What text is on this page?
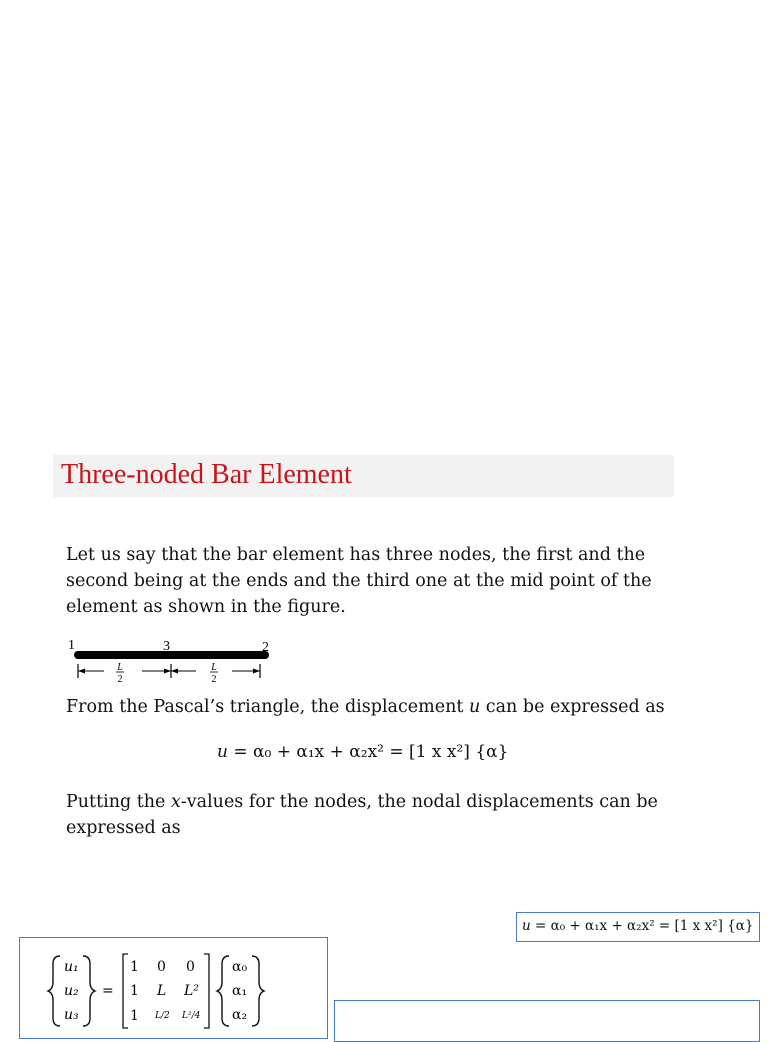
Three-noded Bar Element

Let us say that the bar element has three nodes, the first and the second being at the ends and the third one at the mid point of the element as shown in the figure.

1	3	2
L
2
L
2

From the Pascal’s triangle, the displacement u can be expressed as

u = α₀ + α₁x + α₂x² = [1 x x²] {α}

Putting the x-values for the nodes, the nodal displacements can be expressed as

u = α₀ + α₁x + α₂x² = [1 x x²] {α}
u₁
u₂
u₃
=
1 0 0
1 L L²
1 L/2 L²/4
α₀
α₁
α₂
